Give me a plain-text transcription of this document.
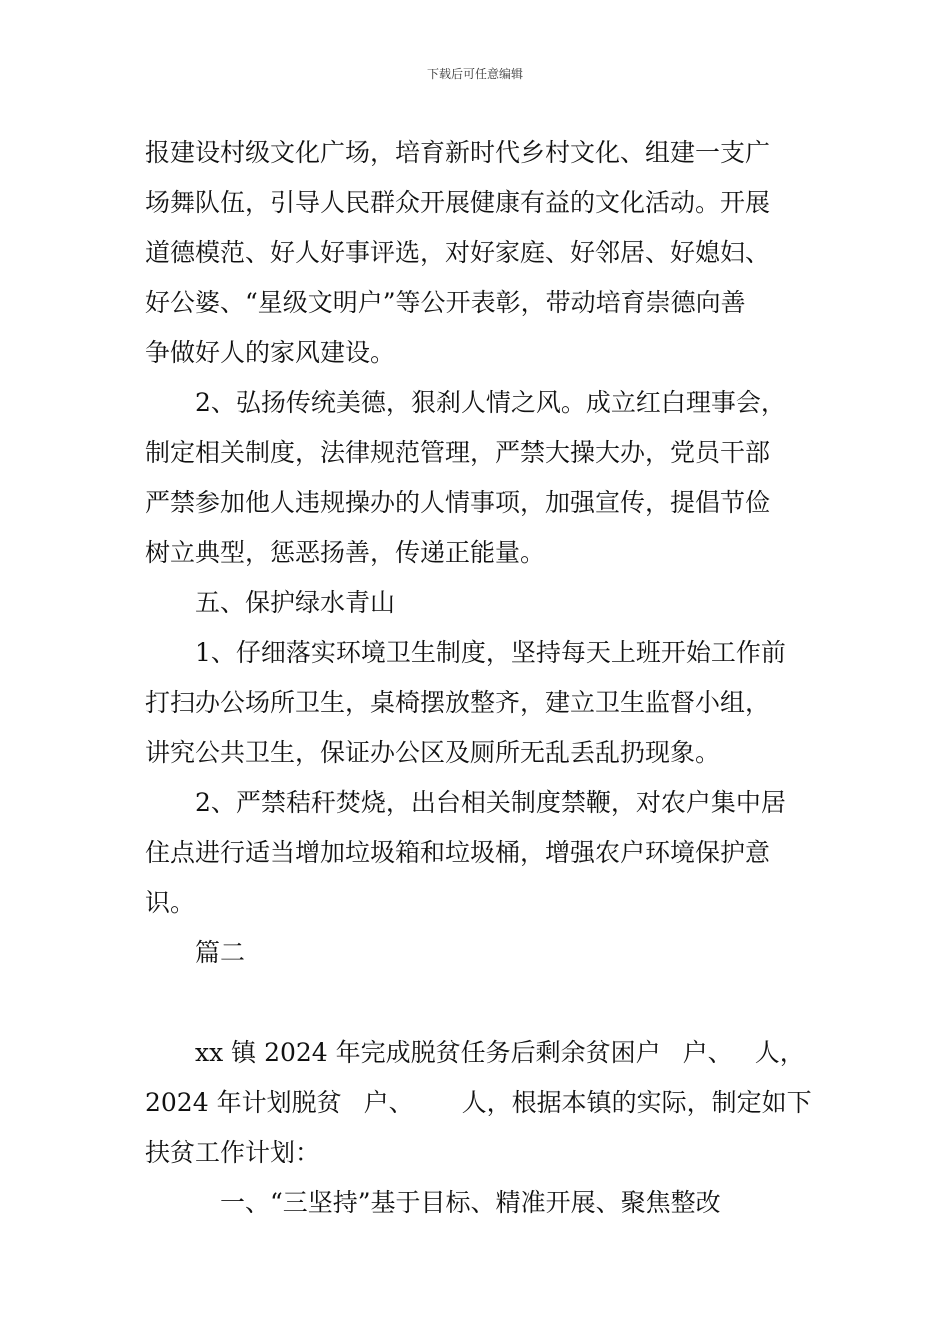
下载后可任意编辑

报建设村级文化广场，培育新时代乡村文化、组建一支广

场舞队伍，引导人民群众开展健康有益的文化活动。开展

道德模范、好人好事评选，对好家庭、好邻居、好媳妇、

好公婆、“星级文明户”等公开表彰，带动培育崇德向善

争做好人的家风建设。

2、弘扬传统美德，狠刹人情之风。成立红白理事会，

制定相关制度，法律规范管理，严禁大操大办，党员干部

严禁参加他人违规操办的人情事项，加强宣传，提倡节俭

树立典型，惩恶扬善，传递正能量。

五、保护绿水青山

1、仔细落实环境卫生制度，坚持每天上班开始工作前

打扫办公场所卫生，桌椅摆放整齐，建立卫生监督小组，

讲究公共卫生，保证办公区及厕所无乱丢乱扔现象。

2、严禁秸秆焚烧，出台相关制度禁鞭，对农户集中居

住点进行适当增加垃圾箱和垃圾桶，增强农户环境保护意

识。

篇二

xx 镇 2024 年完成脱贫任务后剩余贫困户 户、 人，

2024 年计划脱贫 户、 人，根据本镇的实际，制定如下

扶贫工作计划：

一、“三坚持”基于目标、精准开展、聚焦整改
